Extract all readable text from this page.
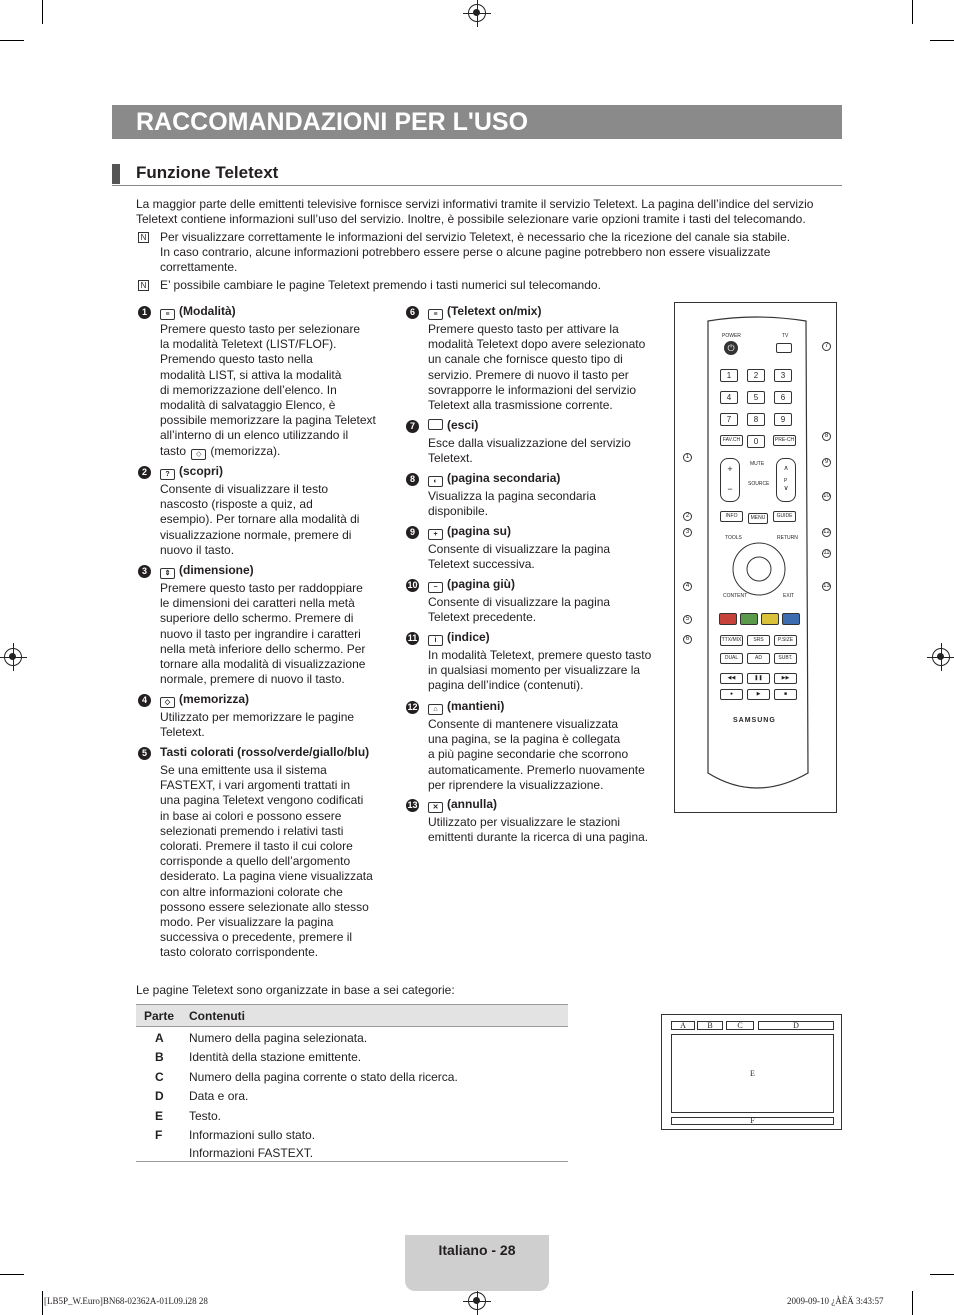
RACCOMANDAZIONI PER L'USO
Funzione Teletext
La maggior parte delle emittenti televisive fornisce servizi informativi tramite il servizio Teletext. La pagina dell’indice del servizio
Teletext contiene informazioni sull’uso del servizio. Inoltre, è possibile selezionare varie opzioni tramite i tasti del telecomando.
N Per visualizzare correttamente le informazioni del servizio Teletext, è necessario che la ricezione del canale sia stabile.
In caso contrario, alcune informazioni potrebbero essere perse o alcune pagine potrebbero non essere visualizzate
correttamente.
N E’ possibile cambiare le pagine Teletext premendo i tasti numerici sul telecomando.
1	≡ (Modalità)
Premere questo tasto per selezionare
la modalità Teletext (LIST/FLOF).
Premendo questo tasto nella
modalità LIST, si attiva la modalità
di memorizzazione dell’elenco. In
modalità di salvataggio Elenco, è
possibile memorizzare la pagina Teletext
all’interno di un elenco utilizzando il
tasto ◇ (memorizza).
2	? (scopri)
Consente di visualizzare il testo
nascosto (risposte a quiz, ad
esempio). Per tornare alla modalità di
visualizzazione normale, premere di
nuovo il tasto.
3	⇕ (dimensione)
Premere questo tasto per raddoppiare
le dimensioni dei caratteri nella metà
superiore dello schermo. Premere di
nuovo il tasto per ingrandire i caratteri
nella metà inferiore dello schermo. Per
tornare alla modalità di visualizzazione
normale, premere di nuovo il tasto.
4	◇ (memorizza)
Utilizzato per memorizzare le pagine
Teletext.
5	Tasti colorati (rosso/verde/giallo/blu)
Se una emittente usa il sistema
FASTEXT, i vari argomenti trattati in
una pagina Teletext vengono codificati
in base ai colori e possono essere
selezionati premendo i relativi tasti
colorati. Premere il tasto il cui colore
corrisponde a quello dell’argomento
desiderato. La pagina viene visualizzata
con altre informazioni colorate che
possono essere selezionate allo stesso
modo. Per visualizzare la pagina
successiva o precedente, premere il
tasto colorato corrispondente.
6	≡ (Teletext on/mix)
Premere questo tasto per attivare la
modalità Teletext dopo avere selezionato
un canale che fornisce questo tipo di
servizio. Premere di nuovo il tasto per
sovrapporre le informazioni del servizio
Teletext alla trasmissione corrente.
7	(esci)
Esce dalla visualizzazione del servizio
Teletext.
8	◐ (pagina secondaria)
Visualizza la pagina secondaria
disponibile.
9	+ (pagina su)
Consente di visualizzare la pagina
Teletext successiva.
10	− (pagina giù)
Consente di visualizzare la pagina
Teletext precedente.
11	i (indice)
In modalità Teletext, premere questo tasto
in qualsiasi momento per visualizzare la
pagina dell’indice (contenuti).
12	⌂ (mantieni)
Consente di mantenere visualizzata
una pagina, se la pagina è collegata
a più pagine secondarie che scorrono
automaticamente. Premerlo nuovamente
per riprendere la visualizzazione.
13	✕ (annulla)
Utilizzato per visualizzare le stazioni
emittenti durante la ricerca di una pagina.
POWER
⏻
TV
1	2	3
4	5	6
7	8	9
0
FAV.CH	PRE-CH
+
−
∧
∨
MUTE
SOURCE	P
INFO	MENU	GUIDE
TOOLS	RETURN
CONTENT	EXIT
TTX/MIX	SRS	P.SIZE
DUAL	AD	SUBT.
◀◀	❚❚	▶▶
●	▶	■
SAMSUNG
1
2
3
4
5
6
7
8
9
10
12
11
13
Le pagine Teletext sono organizzate in base a sei categorie:
Parte Contenuti
A Numero della pagina selezionata.
B Identità della stazione emittente.
C Numero della pagina corrente o stato della ricerca.
D Data e ora.
E Testo.
F Informazioni sullo stato.
Informazioni FASTEXT.
A	B	C	D
E
F
Italiano - 28
[LB5P_W.Euro]BN68-02362A-01L09.i28 28	2009-09-10 ¿ÀÈÄ 3:43:57
